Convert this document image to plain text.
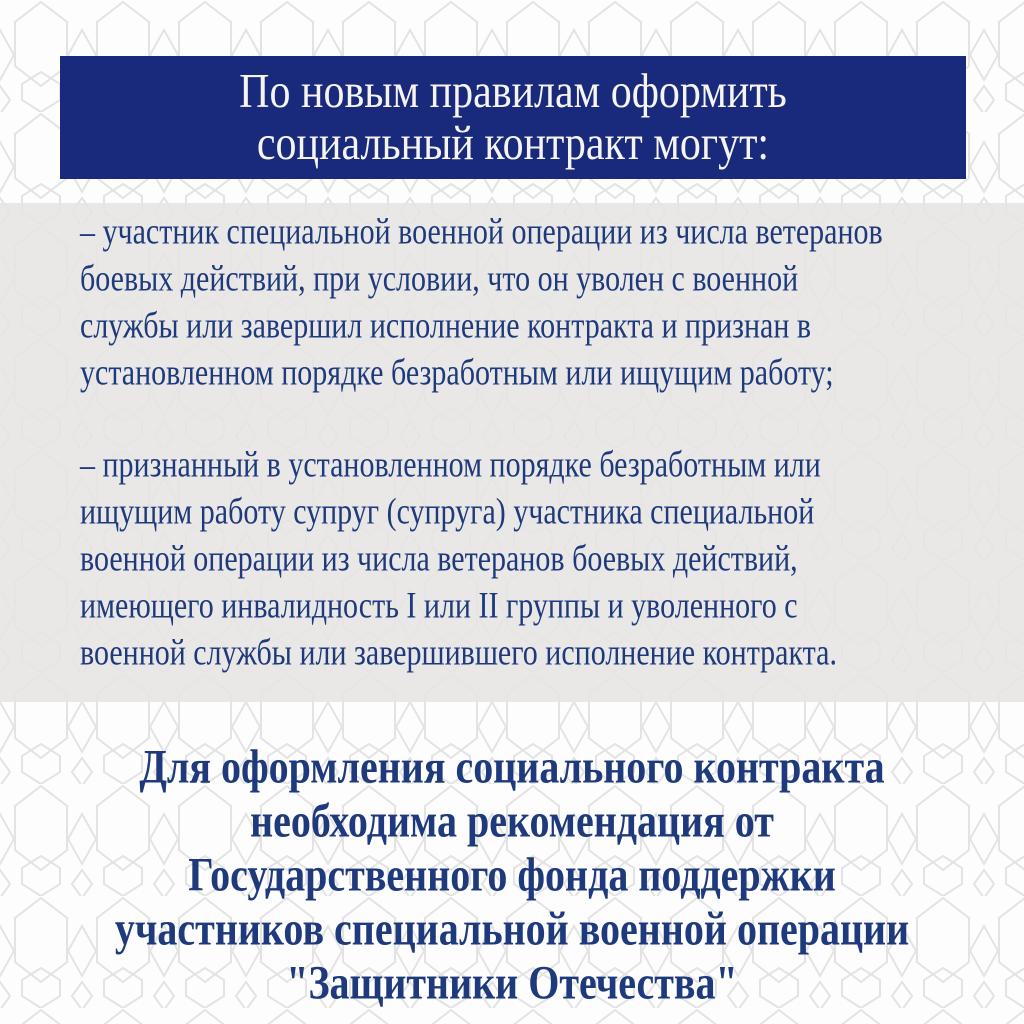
По новым правилам оформить
социальный контракт могут:
– участник специальной военной операции из числа ветеранов
боевых действий, при условии, что он уволен с военной
службы или завершил исполнение контракта и признан в
установленном порядке безработным или ищущим работу;
– признанный в установленном порядке безработным или
ищущим работу супруг (супруга) участника специальной
военной операции из числа ветеранов боевых действий,
имеющего инвалидность I или II группы и уволенного с
военной службы или завершившего исполнение контракта.
Для оформления социального контракта
необходима рекомендация от
Государственного фонда поддержки
участников специальной военной операции
"Защитники Отечества"
